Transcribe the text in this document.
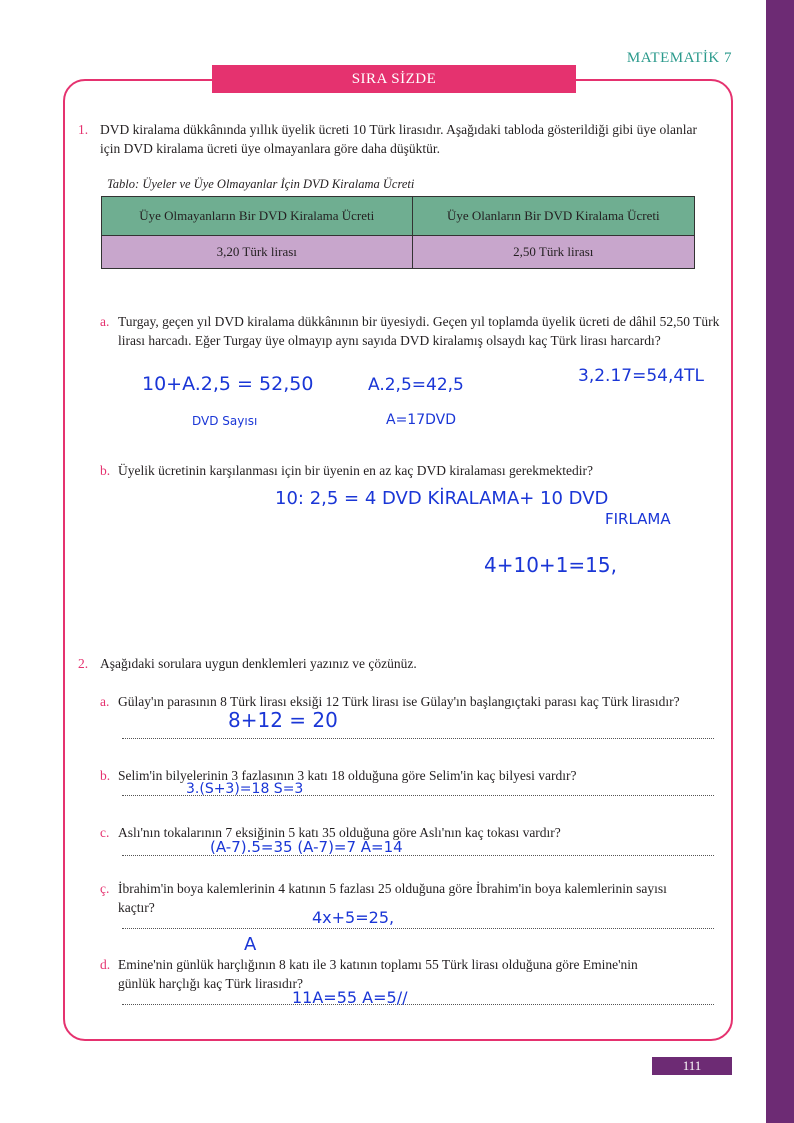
MATEMATİK 7
SIRA SİZDE
1. DVD kiralama dükkânında yıllık üyelik ücreti 10 Türk lirasıdır. Aşağıdaki tabloda gösterildiği gibi üye olanlar için DVD kiralama ücreti üye olmayanlara göre daha düşüktür.
Tablo: Üyeler ve Üye Olmayanlar İçin DVD Kiralama Ücreti
Üye Olmayanların Bir DVD Kiralama Ücreti	Üye Olanların Bir DVD Kiralama Ücreti
3,20 Türk lirası	2,50 Türk lirası
a. Turgay, geçen yıl DVD kiralama dükkânının bir üyesiydi. Geçen yıl toplamda üyelik ücreti de dâhil 52,50 Türk lirası harcadı. Eğer Turgay üye olmayıp aynı sayıda DVD kiralamış olsaydı kaç Türk lirası harcardı?
10+A.2,5 = 52,50
DVD Sayısı
A.2,5=42,5
A=17DVD
3,2.17=54,4TL
b. Üyelik ücretinin karşılanması için bir üyenin en az kaç DVD kiralaması gerekmektedir?
10: 2,5 = 4 DVD KİRALAMA+ 10 DVD
FIRLAMA
4+10+1=15,
2. Aşağıdaki sorulara uygun denklemleri yazınız ve çözünüz.
a. Gülay'ın parasının 8 Türk lirası eksiği 12 Türk lirası ise Gülay'ın başlangıçtaki parası kaç Türk lirasıdır?
8+12 = 20
b. Selim'in bilyelerinin 3 fazlasının 3 katı 18 olduğuna göre Selim'in kaç bilyesi vardır?
3.(S+3)=18 S=3
c. Aslı'nın tokalarının 7 eksiğinin 5 katı 35 olduğuna göre Aslı'nın kaç tokası vardır?
(A-7).5=35 (A-7)=7 A=14
ç. İbrahim'in boya kalemlerinin 4 katının 5 fazlası 25 olduğuna göre İbrahim'in boya kalemlerinin sayısı kaçtır?
4x+5=25,
A
d. Emine'nin günlük harçlığının 8 katı ile 3 katının toplamı 55 Türk lirası olduğuna göre Emine'nin günlük harçlığı kaç Türk lirasıdır?
11A=55 A=5//
111
